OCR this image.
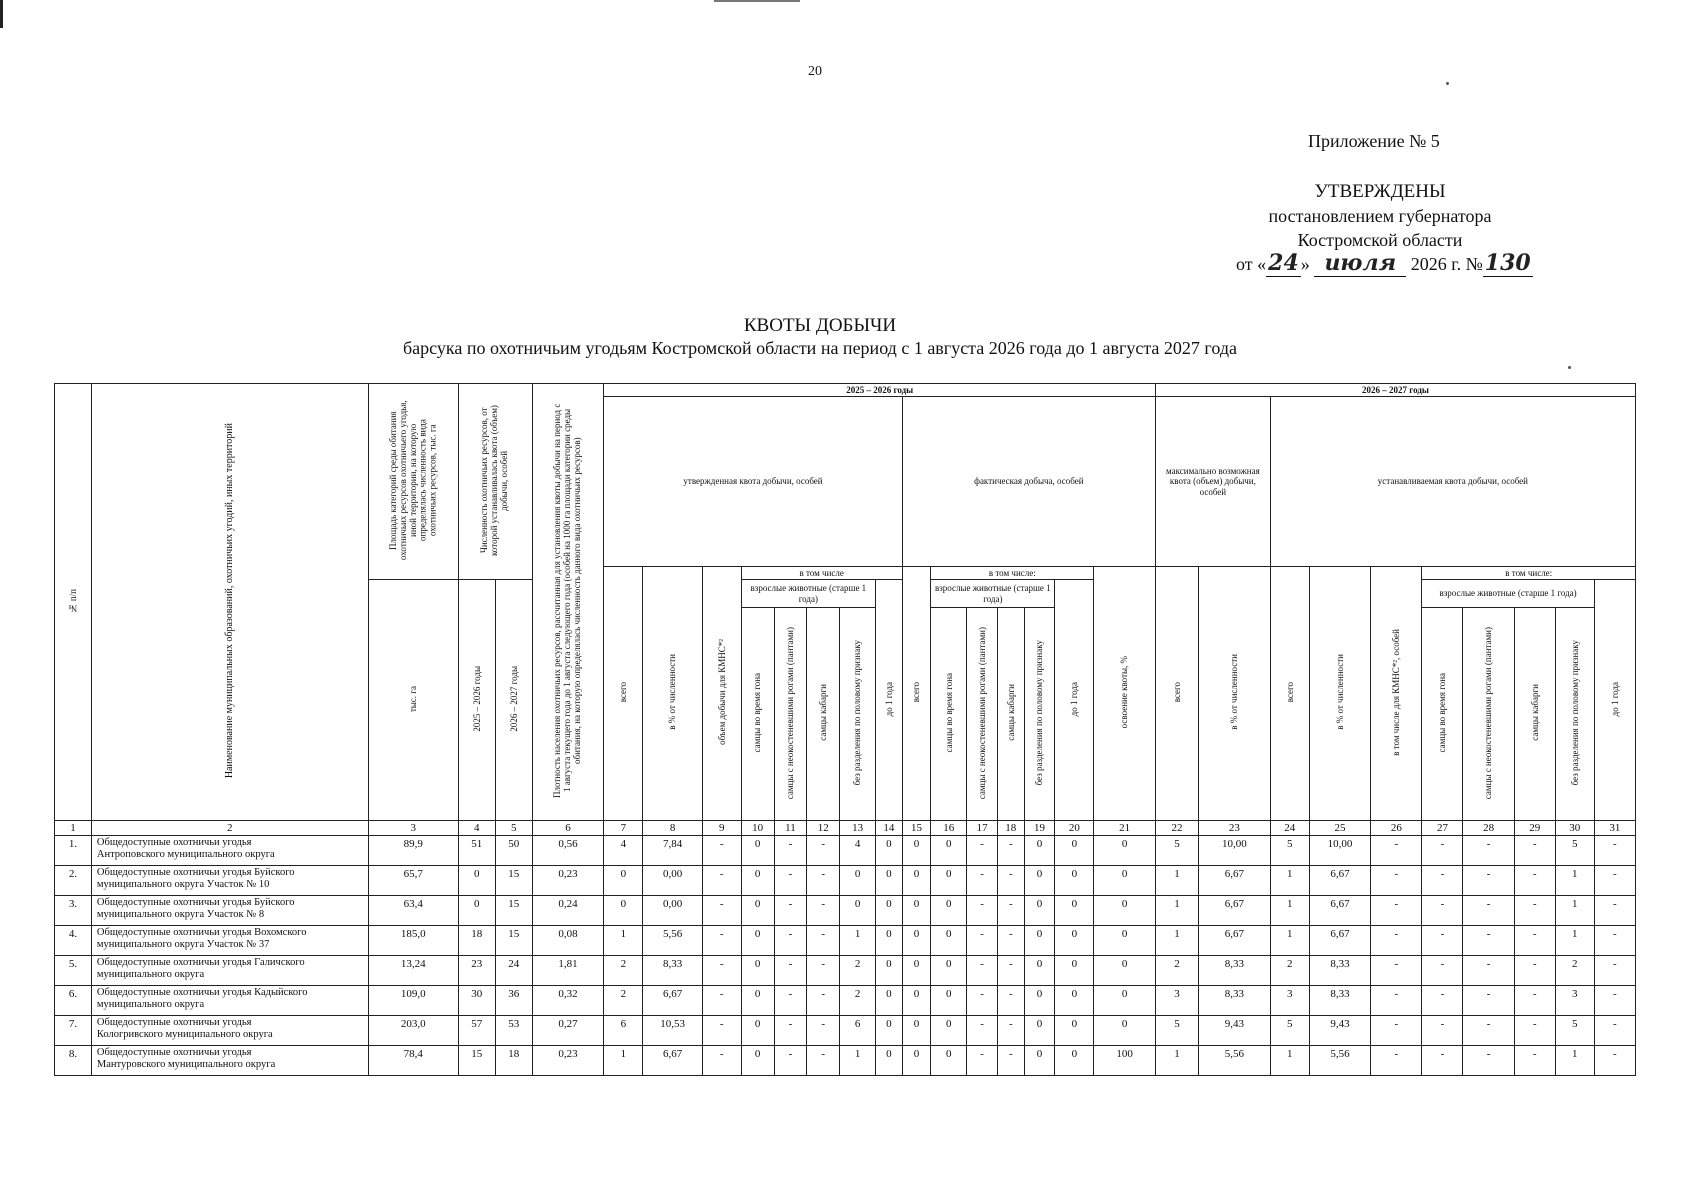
20
Приложение № 5
УТВЕРЖДЕНЫ
постановлением губернатора
Костромской области
от «24 » июля 2026 г. №130
КВОТЫ ДОБЫЧИ
барсука по охотничьим угодьям Костромской области на период с 1 августа 2026 года до 1 августа 2027 года
№ п/п	Наименование муниципальных образований, охотничьих угодий, иных территорий	Площадь категорий среды обитания охотничьих ресурсов охотничьего угодья, иной территории, на которую определялась численность вида охотничьих ресурсов, тыс. га	Численность охотничьих ресурсов, от которой устанавливалась квота (объем) добычи, особей		Плотность населения охотничьих ресурсов, рассчитанная для установления квоты добычи на период с 1 августа текущего года до 1 августа следующего года (особей на 1000 га площади категории среды обитания, на которую определялась численность данного вида охотничьих ресурсов)	2025 – 2026 годы															2026 – 2027 годы									
						утвержденная квота добычи, особей								фактическая добыча, особей							максимально возможная квота (объем) добычи, особей		устанавливаемая квота добычи, особей							
						всего	в % от численности	объем добычи для КМНС*²	в том числе					всего	в том числе:					освоение квоты, %	всего	в % от численности	всего	в % от численности	в том числе для КМНС*², особей	в том числе:				
		тыс. га	2025 – 2026 годы	2026 – 2027 годы					взрослые животные (старше 1 года)				до 1 года		взрослые животные (старше 1 года)				до 1 года							взрослые животные (старше 1 года)				до 1 года
									самцы во время гона	самцы с неокостеневшими рогами (пантами)	самцы кабарги	без разделения по половому признаку			самцы во время гона	самцы с неокостеневшими рогами (пантами)	самцы кабарги	без разделения по половому признаку								самцы во время гона	самцы с неокостеневшими рогами (пантами)	самцы кабарги	без разделения по половому признаку	
1	2	3	4	5	6	7	8	9	10	11	12	13	14	15	16	17	18	19	20	21	22	23	24	25	26	27	28	29	30	31
1.	Общедоступные охотничьи угодья
Антроповского муниципального округа	89,9	51	50	0,56	4	7,84	-	0	-	-	4	0	0	0	-	-	0	0	0	5	10,00	5	10,00	-	-	-	-	5	-
2.	Общедоступные охотничьи угодья Буйского
муниципального округа Участок № 10	65,7	0	15	0,23	0	0,00	-	0	-	-	0	0	0	0	-	-	0	0	0	1	6,67	1	6,67	-	-	-	-	1	-
3.	Общедоступные охотничьи угодья Буйского
муниципального округа Участок № 8	63,4	0	15	0,24	0	0,00	-	0	-	-	0	0	0	0	-	-	0	0	0	1	6,67	1	6,67	-	-	-	-	1	-
4.	Общедоступные охотничьи угодья Вохомского
муниципального округа Участок № 37	185,0	18	15	0,08	1	5,56	-	0	-	-	1	0	0	0	-	-	0	0	0	1	6,67	1	6,67	-	-	-	-	1	-
5.	Общедоступные охотничьи угодья Галичского
муниципального округа	13,24	23	24	1,81	2	8,33	-	0	-	-	2	0	0	0	-	-	0	0	0	2	8,33	2	8,33	-	-	-	-	2	-
6.	Общедоступные охотничьи угодья Кадыйского
муниципального округа	109,0	30	36	0,32	2	6,67	-	0	-	-	2	0	0	0	-	-	0	0	0	3	8,33	3	8,33	-	-	-	-	3	-
7.	Общедоступные охотничьи угодья
Кологривского муниципального округа	203,0	57	53	0,27	6	10,53	-	0	-	-	6	0	0	0	-	-	0	0	0	5	9,43	5	9,43	-	-	-	-	5	-
8.	Общедоступные охотничьи угодья
Мантуровского муниципального округа	78,4	15	18	0,23	1	6,67	-	0	-	-	1	0	0	0	-	-	0	0	100	1	5,56	1	5,56	-	-	-	-	1	-
